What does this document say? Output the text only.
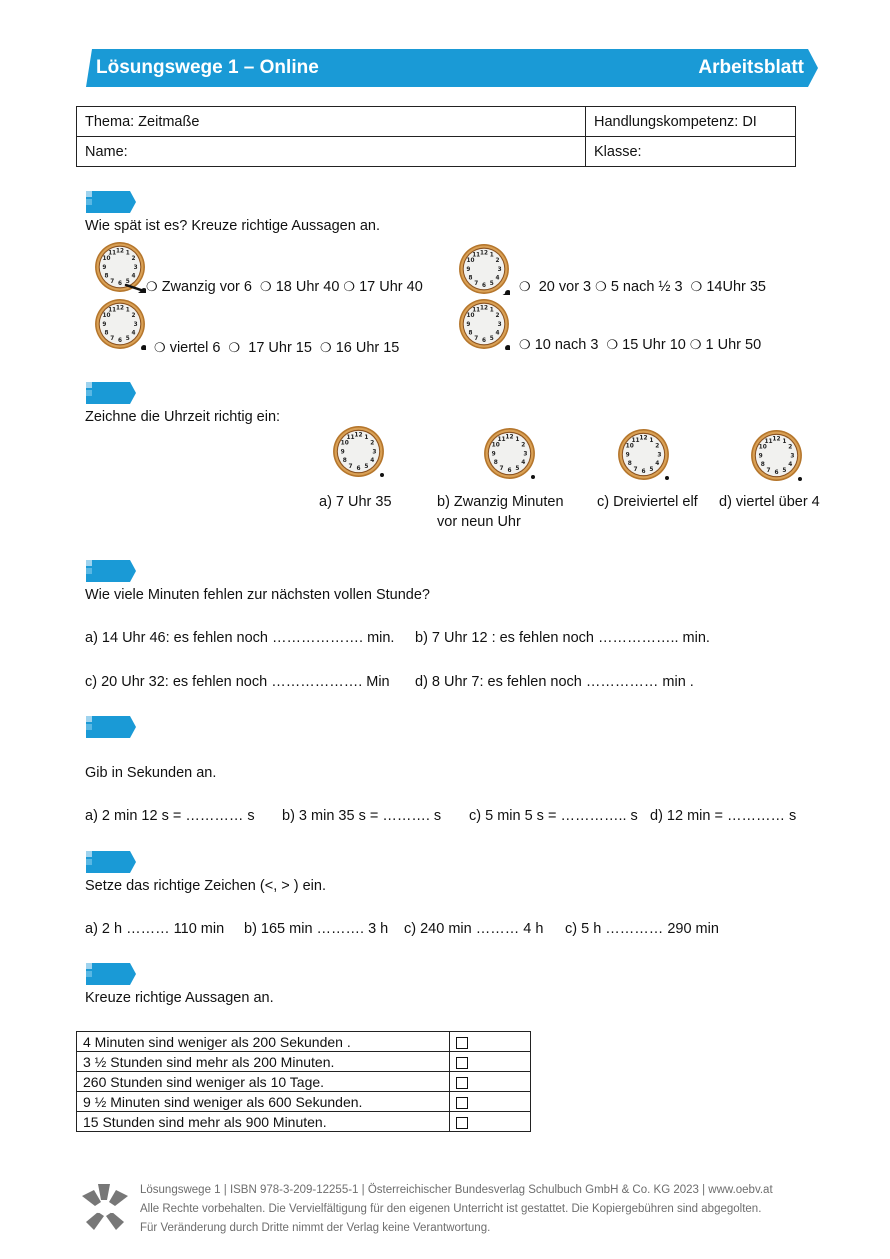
Lösungswege 1 – Online	Arbeitsblatt
Thema: Zeitmaße	Handlungskompetenz: DI
Name:	Klasse:
Wie spät ist es? Kreuze richtige Aussagen an.
❍ Zwanzig vor 6 ❍ 18 Uhr 40 ❍ 17 Uhr 40	❍ 20 vor 3 ❍ 5 nach ½ 3 ❍ 14Uhr 35
❍ viertel 6 ❍ 17 Uhr 15 ❍ 16 Uhr 15	❍ 10 nach 3 ❍ 15 Uhr 10 ❍ 1 Uhr 50
Zeichne die Uhrzeit richtig ein:
a) 7 Uhr 35	b) Zwanzig Minuten
vor neun Uhr
c) Dreiviertel elf d) viertel über 4
Wie viele Minuten fehlen zur nächsten vollen Stunde?
a) 14 Uhr 46: es fehlen noch ………………. min. b) 7 Uhr 12 : es fehlen noch …………….. min.
c) 20 Uhr 32: es fehlen noch ………………. Min d) 8 Uhr 7: es fehlen noch …………… min .
Gib in Sekunden an.
a) 2 min 12 s = ………… s b) 3 min 35 s = ………. s c) 5 min 5 s = ………….. s d) 12 min = ………… s
Setze das richtige Zeichen (<, > ) ein.
a) 2 h ……… 110 min b) 165 min ………. 3 h c) 240 min ……… 4 h c) 5 h ………… 290 min
Kreuze richtige Aussagen an.
4 Minuten sind weniger als 200 Sekunden .	
3 ½ Stunden sind mehr als 200 Minuten.	
260 Stunden sind weniger als 10 Tage.	
9 ½ Minuten sind weniger als 600 Sekunden.	
15 Stunden sind mehr als 900 Minuten.	
öbv
Lösungswege 1 | ISBN 978-3-209-12255-1 | Österreichischer Bundesverlag Schulbuch GmbH & Co. KG 2023 | www.oebv.at
Alle Rechte vorbehalten. Die Vervielfältigung für den eigenen Unterricht ist gestattet. Die Kopiergebühren sind abgegolten.
Für Veränderung durch Dritte nimmt der Verlag keine Verantwortung.
